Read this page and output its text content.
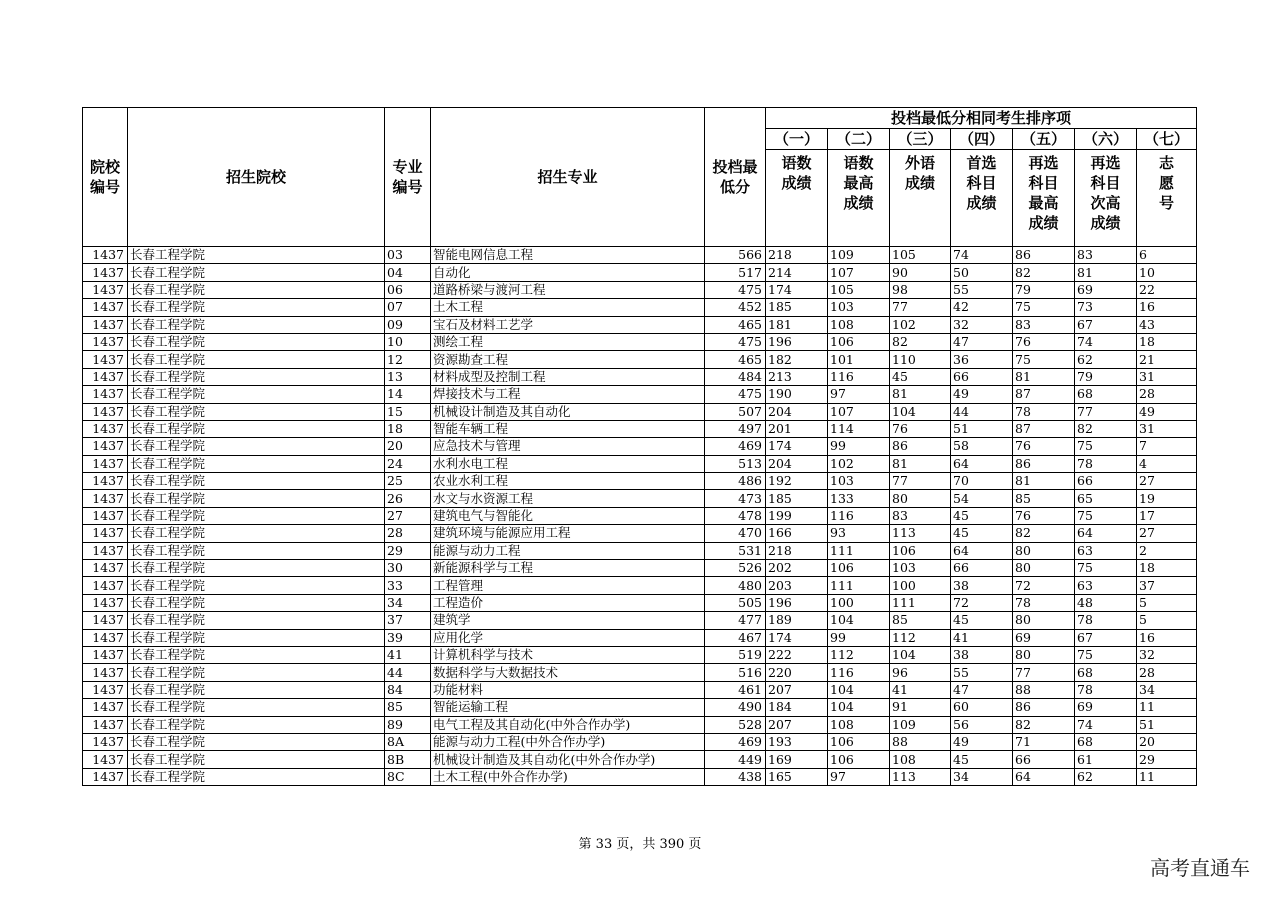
院校编号	招生院校	专业编号	招生专业	投档最低分	投档最低分相同考生排序项						
					（一）	（二）	（三）	（四）	（五）	（六）	（七）
					语数成绩	语数最高成绩	外语成绩	首选科目成绩	再选科目最高成绩	再选科目次高成绩	志愿号
1437	长春工程学院	03	智能电网信息工程	566	218	109	105	74	86	83	6
1437	长春工程学院	04	自动化	517	214	107	90	50	82	81	10
1437	长春工程学院	06	道路桥梁与渡河工程	475	174	105	98	55	79	69	22
1437	长春工程学院	07	土木工程	452	185	103	77	42	75	73	16
1437	长春工程学院	09	宝石及材料工艺学	465	181	108	102	32	83	67	43
1437	长春工程学院	10	测绘工程	475	196	106	82	47	76	74	18
1437	长春工程学院	12	资源勘查工程	465	182	101	110	36	75	62	21
1437	长春工程学院	13	材料成型及控制工程	484	213	116	45	66	81	79	31
1437	长春工程学院	14	焊接技术与工程	475	190	97	81	49	87	68	28
1437	长春工程学院	15	机械设计制造及其自动化	507	204	107	104	44	78	77	49
1437	长春工程学院	18	智能车辆工程	497	201	114	76	51	87	82	31
1437	长春工程学院	20	应急技术与管理	469	174	99	86	58	76	75	7
1437	长春工程学院	24	水利水电工程	513	204	102	81	64	86	78	4
1437	长春工程学院	25	农业水利工程	486	192	103	77	70	81	66	27
1437	长春工程学院	26	水文与水资源工程	473	185	133	80	54	85	65	19
1437	长春工程学院	27	建筑电气与智能化	478	199	116	83	45	76	75	17
1437	长春工程学院	28	建筑环境与能源应用工程	470	166	93	113	45	82	64	27
1437	长春工程学院	29	能源与动力工程	531	218	111	106	64	80	63	2
1437	长春工程学院	30	新能源科学与工程	526	202	106	103	66	80	75	18
1437	长春工程学院	33	工程管理	480	203	111	100	38	72	63	37
1437	长春工程学院	34	工程造价	505	196	100	111	72	78	48	5
1437	长春工程学院	37	建筑学	477	189	104	85	45	80	78	5
1437	长春工程学院	39	应用化学	467	174	99	112	41	69	67	16
1437	长春工程学院	41	计算机科学与技术	519	222	112	104	38	80	75	32
1437	长春工程学院	44	数据科学与大数据技术	516	220	116	96	55	77	68	28
1437	长春工程学院	84	功能材料	461	207	104	41	47	88	78	34
1437	长春工程学院	85	智能运输工程	490	184	104	91	60	86	69	11
1437	长春工程学院	89	电气工程及其自动化(中外合作办学)	528	207	108	109	56	82	74	51
1437	长春工程学院	8A	能源与动力工程(中外合作办学)	469	193	106	88	49	71	68	20
1437	长春工程学院	8B	机械设计制造及其自动化(中外合作办学)	449	169	106	108	45	66	61	29
1437	长春工程学院	8C	土木工程(中外合作办学)	438	165	97	113	34	64	62	11
第 33 页，共 390 页
高考直通车
